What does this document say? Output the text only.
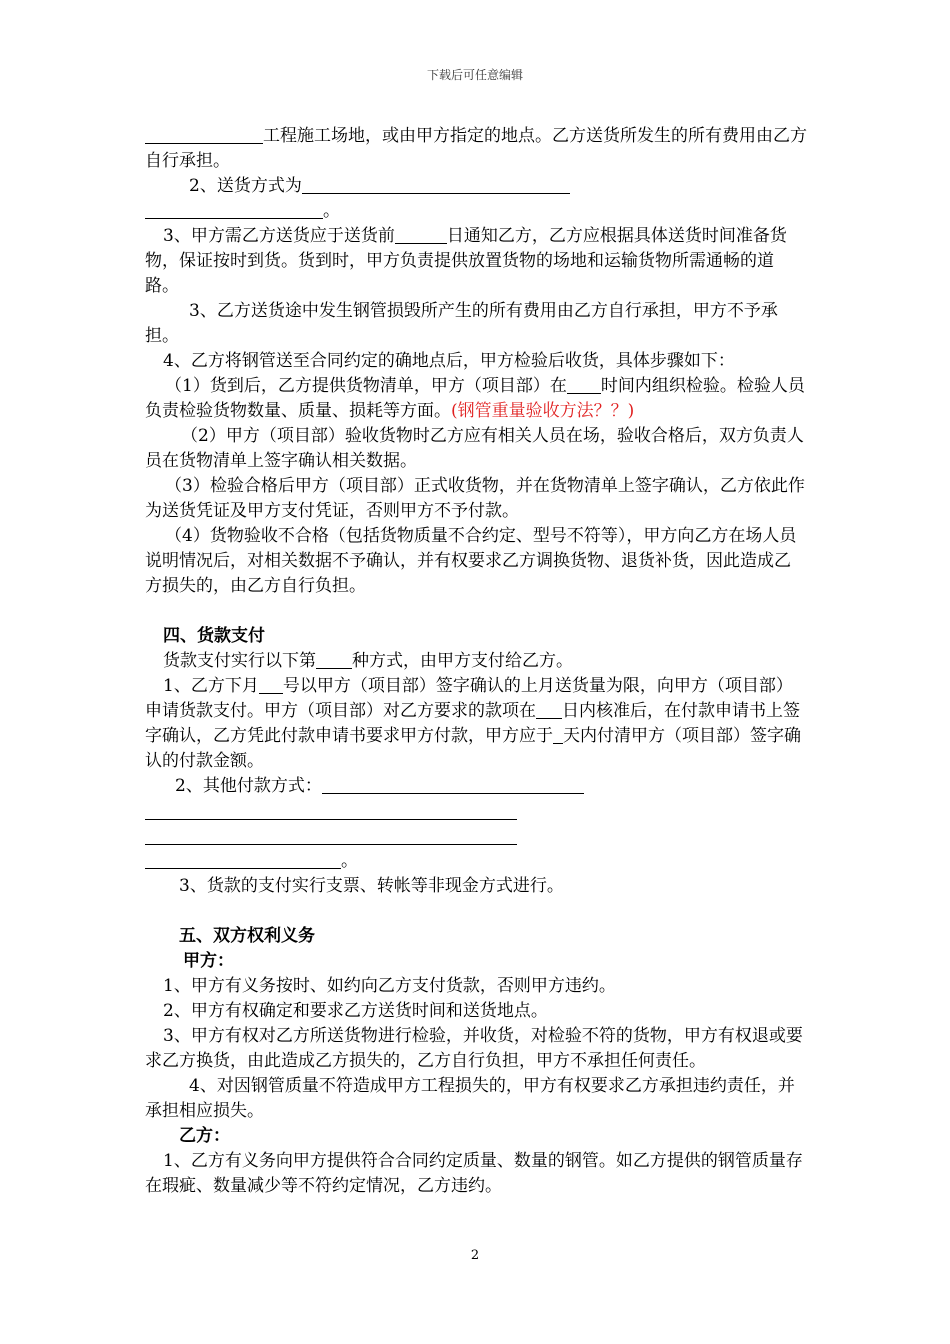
下载后可任意编辑

工程施工场地，或由甲方指定的地点。乙方送货所发生的所有费用由乙方自行承担。

2、送货方式为

。

3、甲方需乙方送货应于送货前	日通知乙方，乙方应根据具体送货时间准备货物，保证按时到货。货到时，甲方负责提供放置货物的场地和运输货物所需通畅的道路。

3、乙方送货途中发生钢管损毁所产生的所有费用由乙方自行承担，甲方不予承担。

4、乙方将钢管送至合同约定的确地点后，甲方检验后收货，具体步骤如下：

（1）货到后，乙方提供货物清单，甲方（项目部）在 时间内组织检验。检验人员负责检验货物数量、质量、损耗等方面。(钢管重量验收方法？？)

（2）甲方（项目部）验收货物时乙方应有相关人员在场，验收合格后，双方负责人员在货物清单上签字确认相关数据。

（3）检验合格后甲方（项目部）正式收货物，并在货物清单上签字确认，乙方依此作为送货凭证及甲方支付凭证，否则甲方不予付款。

（4）货物验收不合格（包括货物质量不合约定、型号不符等），甲方向乙方在场人员说明情况后，对相关数据不予确认，并有权要求乙方调换货物、退货补货，因此造成乙方损失的，由乙方自行负担。

四、货款支付

货款支付实行以下第 种方式，由甲方支付给乙方。

1、乙方下月 号以甲方（项目部）签字确认的上月送货量为限，向甲方（项目部）申请货款支付。甲方（项目部）对乙方要求的款项在 日内核准后，在付款申请书上签字确认，乙方凭此付款申请书要求甲方付款，甲方应于 天内付清甲方（项目部）签字确认的付款金额。

2、其他付款方式：

。

3、货款的支付实行支票、转帐等非现金方式进行。

五、双方权利义务

甲方：

1、甲方有义务按时、如约向乙方支付货款，否则甲方违约。

2、甲方有权确定和要求乙方送货时间和送货地点。

3、甲方有权对乙方所送货物进行检验，并收货，对检验不符的货物，甲方有权退或要求乙方换货，由此造成乙方损失的，乙方自行负担，甲方不承担任何责任。

4、对因钢管质量不符造成甲方工程损失的，甲方有权要求乙方承担违约责任，并承担相应损失。

乙方：

1、乙方有义务向甲方提供符合合同约定质量、数量的钢管。如乙方提供的钢管质量存在瑕疵、数量减少等不符约定情况，乙方违约。

2
